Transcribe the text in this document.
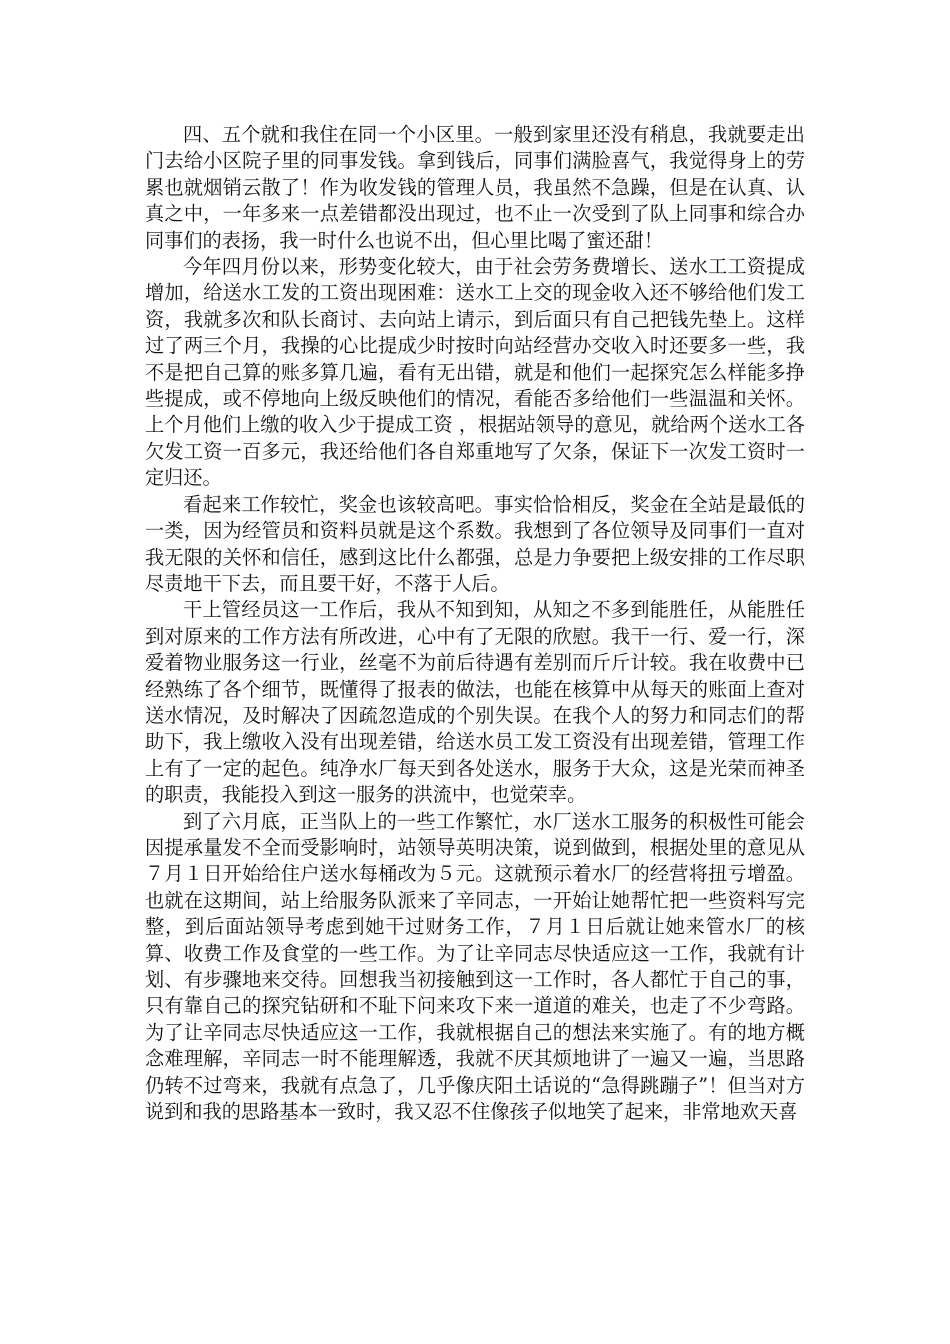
四、五个就和我住在同一个小区里。一般到家里还没有稍息，我就要走出门去给小区院子里的同事发钱。拿到钱后，同事们满脸喜气，我觉得身上的劳累也就烟销云散了！作为收发钱的管理人员，我虽然不急躁，但是在认真、认真之中，一年多来一点差错都没出现过，也不止一次受到了队上同事和综合办同事们的表扬，我一时什么也说不出，但心里比喝了蜜还甜！

今年四月份以来，形势变化较大，由于社会劳务费增长、送水工工资提成增加，给送水工发的工资出现困难：送水工上交的现金收入还不够给他们发工资，我就多次和队长商讨、去向站上请示，到后面只有自己把钱先垫上。这样过了两三个月，我操的心比提成少时按时向站经营办交收入时还要多一些，我不是把自己算的账多算几遍，看有无出错，就是和他们一起探究怎么样能多挣些提成，或不停地向上级反映他们的情况，看能否多给他们一些温温和关怀。上个月他们上缴的收入少于提成工资 ，根据站领导的意见，就给两个送水工各欠发工资一百多元，我还给他们各自郑重地写了欠条，保证下一次发工资时一定归还。

看起来工作较忙，奖金也该较高吧。事实恰恰相反，奖金在全站是最低的一类，因为经管员和资料员就是这个系数。我想到了各位领导及同事们一直对我无限的关怀和信任，感到这比什么都强，总是力争要把上级安排的工作尽职尽责地干下去，而且要干好，不落于人后。

干上管经员这一工作后，我从不知到知，从知之不多到能胜任，从能胜任到对原来的工作方法有所改进，心中有了无限的欣慰。我干一行、爱一行，深爱着物业服务这一行业，丝毫不为前后待遇有差别而斤斤计较。我在收费中已经熟练了各个细节，既懂得了报表的做法，也能在核算中从每天的账面上查对送水情况，及时解决了因疏忽造成的个别失误。在我个人的努力和同志们的帮助下，我上缴收入没有出现差错，给送水员工发工资没有出现差错，管理工作上有了一定的起色。纯净水厂每天到各处送水，服务于大众，这是光荣而神圣的职责，我能投入到这一服务的洪流中，也觉荣幸。

到了六月底，正当队上的一些工作繁忙，水厂送水工服务的积极性可能会因提承量发不全而受影响时，站领导英明决策，说到做到，根据处里的意见从７月１日开始给住户送水每桶改为５元。这就预示着水厂的经营将扭亏增盈。也就在这期间，站上给服务队派来了辛同志，一开始让她帮忙把一些资料写完整，到后面站领导考虑到她干过财务工作，７月１日后就让她来管水厂的核算、收费工作及食堂的一些工作。为了让辛同志尽快适应这一工作，我就有计划、有步骤地来交待。回想我当初接触到这一工作时，各人都忙于自己的事，只有靠自己的探究钻研和不耻下问来攻下来一道道的难关，也走了不少弯路。为了让辛同志尽快适应这一工作，我就根据自己的想法来实施了。有的地方概念难理解，辛同志一时不能理解透，我就不厌其烦地讲了一遍又一遍，当思路仍转不过弯来，我就有点急了，几乎像庆阳土话说的“急得跳蹦子”！但当对方说到和我的思路基本一致时，我又忍不住像孩子似地笑了起来，非常地欢天喜
